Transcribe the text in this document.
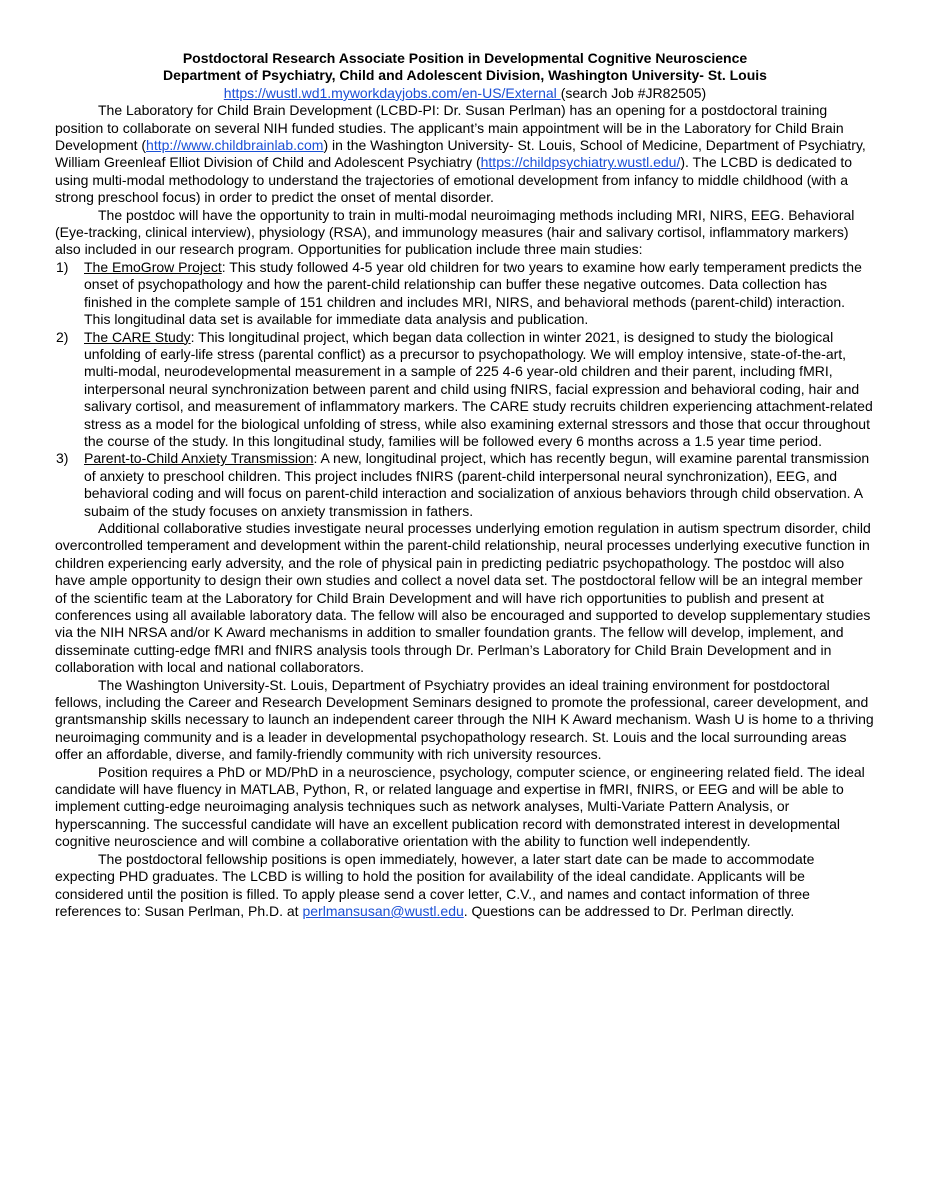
Postdoctoral Research Associate Position in Developmental Cognitive Neuroscience
Department of Psychiatry, Child and Adolescent Division, Washington University- St. Louis
https://wustl.wd1.myworkdayjobs.com/en-US/External (search Job #JR82505)

The Laboratory for Child Brain Development (LCBD-PI: Dr. Susan Perlman) has an opening for a postdoctoral training position to collaborate on several NIH funded studies. The applicant’s main appointment will be in the Laboratory for Child Brain Development (http://www.childbrainlab.com) in the Washington University- St. Louis, School of Medicine, Department of Psychiatry, William Greenleaf Elliot Division of Child and Adolescent Psychiatry (https://childpsychiatry.wustl.edu/). The LCBD is dedicated to using multi-modal methodology to understand the trajectories of emotional development from infancy to middle childhood (with a strong preschool focus) in order to predict the onset of mental disorder.

The postdoc will have the opportunity to train in multi-modal neuroimaging methods including MRI, NIRS, EEG. Behavioral (Eye-tracking, clinical interview), physiology (RSA), and immunology measures (hair and salivary cortisol, inflammatory markers) also included in our research program. Opportunities for publication include three main studies:

1) The EmoGrow Project: This study followed 4-5 year old children for two years to examine how early temperament predicts the onset of psychopathology and how the parent-child relationship can buffer these negative outcomes. Data collection has finished in the complete sample of 151 children and includes MRI, NIRS, and behavioral methods (parent-child) interaction. This longitudinal data set is available for immediate data analysis and publication.
2) The CARE Study: This longitudinal project, which began data collection in winter 2021, is designed to study the biological unfolding of early-life stress (parental conflict) as a precursor to psychopathology. We will employ intensive, state-of-the-art, multi-modal, neurodevelopmental measurement in a sample of 225 4-6 year-old children and their parent, including fMRI, interpersonal neural synchronization between parent and child using fNIRS, facial expression and behavioral coding, hair and salivary cortisol, and measurement of inflammatory markers. The CARE study recruits children experiencing attachment-related stress as a model for the biological unfolding of stress, while also examining external stressors and those that occur throughout the course of the study. In this longitudinal study, families will be followed every 6 months across a 1.5 year time period.
3) Parent-to-Child Anxiety Transmission: A new, longitudinal project, which has recently begun, will examine parental transmission of anxiety to preschool children. This project includes fNIRS (parent-child interpersonal neural synchronization), EEG, and behavioral coding and will focus on parent-child interaction and socialization of anxious behaviors through child observation. A subaim of the study focuses on anxiety transmission in fathers.

Additional collaborative studies investigate neural processes underlying emotion regulation in autism spectrum disorder, child overcontrolled temperament and development within the parent-child relationship, neural processes underlying executive function in children experiencing early adversity, and the role of physical pain in predicting pediatric psychopathology. The postdoc will also have ample opportunity to design their own studies and collect a novel data set. The postdoctoral fellow will be an integral member of the scientific team at the Laboratory for Child Brain Development and will have rich opportunities to publish and present at conferences using all available laboratory data. The fellow will also be encouraged and supported to develop supplementary studies via the NIH NRSA and/or K Award mechanisms in addition to smaller foundation grants. The fellow will develop, implement, and disseminate cutting-edge fMRI and fNIRS analysis tools through Dr. Perlman’s Laboratory for Child Brain Development and in collaboration with local and national collaborators.

The Washington University-St. Louis, Department of Psychiatry provides an ideal training environment for postdoctoral fellows, including the Career and Research Development Seminars designed to promote the professional, career development, and grantsmanship skills necessary to launch an independent career through the NIH K Award mechanism. Wash U is home to a thriving neuroimaging community and is a leader in developmental psychopathology research. St. Louis and the local surrounding areas offer an affordable, diverse, and family-friendly community with rich university resources.

Position requires a PhD or MD/PhD in a neuroscience, psychology, computer science, or engineering related field. The ideal candidate will have fluency in MATLAB, Python, R, or related language and expertise in fMRI, fNIRS, or EEG and will be able to implement cutting-edge neuroimaging analysis techniques such as network analyses, Multi-Variate Pattern Analysis, or hyperscanning. The successful candidate will have an excellent publication record with demonstrated interest in developmental cognitive neuroscience and will combine a collaborative orientation with the ability to function well independently.

The postdoctoral fellowship positions is open immediately, however, a later start date can be made to accommodate expecting PHD graduates. The LCBD is willing to hold the position for availability of the ideal candidate. Applicants will be considered until the position is filled. To apply please send a cover letter, C.V., and names and contact information of three references to: Susan Perlman, Ph.D. at perlmansusan@wustl.edu. Questions can be addressed to Dr. Perlman directly.
